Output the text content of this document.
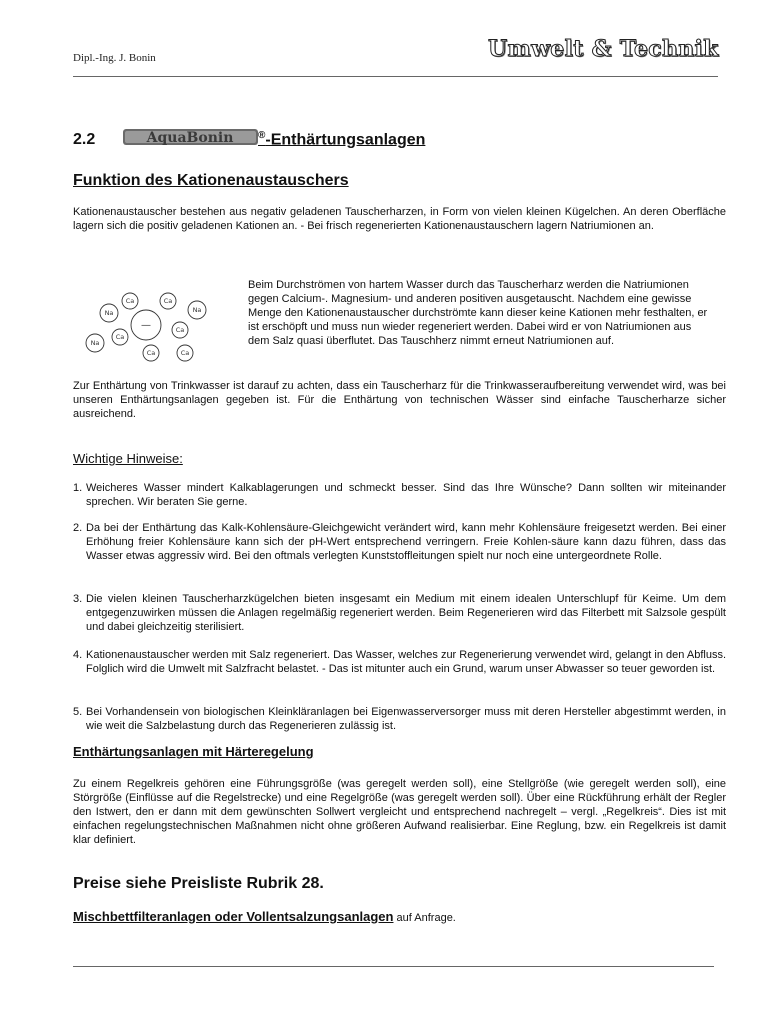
Dipl.-Ing. J. Bonin	Umwelt & Technik
2.2	AquaBonin ®-Enthärtungsanlagen
Funktion des Kationenaustauschers

Kationenaustauscher bestehen aus negativ geladenen Tauscherharzen, in Form von vielen kleinen Kügelchen. An deren Oberfläche lagern sich die positiv geladenen Kationen an. - Bei frisch regenerierten Kationenaustauschern lagern Natriumionen an.

—
Ca	Ca
Na	Na
Ca
Na
Ca
Ca	Ca

Beim Durchströmen von hartem Wasser durch das Tauscherharz werden die Natriumionen gegen Calcium-. Magnesium- und anderen positiven ausgetauscht. Nachdem eine gewisse Menge den Kationenaustauscher durchströmte kann dieser keine Kationen mehr festhalten, er ist erschöpft und muss nun wieder regeneriert werden. Dabei wird er von Natriumionen aus dem Salz quasi überflutet. Das Tauschherz nimmt erneut Natriumionen auf.

Zur Enthärtung von Trinkwasser ist darauf zu achten, dass ein Tauscherharz für die Trinkwasseraufbereitung verwendet wird, was bei unseren Enthärtungsanlagen gegeben ist. Für die Enthärtung von technischen Wässer sind einfache Tauscherharze sicher ausreichend.

Wichtige Hinweise:
1. Weicheres Wasser mindert Kalkablagerungen und schmeckt besser. Sind das Ihre Wünsche? Dann sollten wir miteinander sprechen. Wir beraten Sie gerne.
2. Da bei der Enthärtung das Kalk-Kohlensäure-Gleichgewicht verändert wird, kann mehr Kohlensäure freigesetzt werden. Bei einer Erhöhung freier Kohlensäure kann sich der pH-Wert entsprechend verringern. Freie Kohlen-säure kann dazu führen, dass das Wasser etwas aggressiv wird. Bei den oftmals verlegten Kunststoffleitungen spielt nur noch eine untergeordnete Rolle.
3. Die vielen kleinen Tauscherharzkügelchen bieten insgesamt ein Medium mit einem idealen Unterschlupf für Keime. Um dem entgegenzuwirken müssen die Anlagen regelmäßig regeneriert werden. Beim Regenerieren wird das Filterbett mit Salzsole gespült und dabei gleichzeitig sterilisiert.
4. Kationenaustauscher werden mit Salz regeneriert. Das Wasser, welches zur Regenerierung verwendet wird, gelangt in den Abfluss. Folglich wird die Umwelt mit Salzfracht belastet. - Das ist mitunter auch ein Grund, warum unser Abwasser so teuer geworden ist.
5. Bei Vorhandensein von biologischen Kleinkläranlagen bei Eigenwasserversorger muss mit deren Hersteller abgestimmt werden, in wie weit die Salzbelastung durch das Regenerieren zulässig ist.
Enthärtungsanlagen mit Härteregelung

Zu einem Regelkreis gehören eine Führungsgröße (was geregelt werden soll), eine Stellgröße (wie geregelt werden soll), eine Störgröße (Einflüsse auf die Regelstrecke) und eine Regelgröße (was geregelt werden soll). Über eine Rückführung erhält der Regler den Istwert, den er dann mit dem gewünschten Sollwert vergleicht und entsprechend nachregelt – vergl. „Regelkreis“. Dies ist mit einfachen regelungstechnischen Maßnahmen nicht ohne größeren Aufwand realisierbar. Eine Reglung, bzw. ein Regelkreis ist damit klar definiert.

Preise siehe Preisliste Rubrik 28.

Mischbettfilteranlagen oder Vollentsalzungsanlagen auf Anfrage.
